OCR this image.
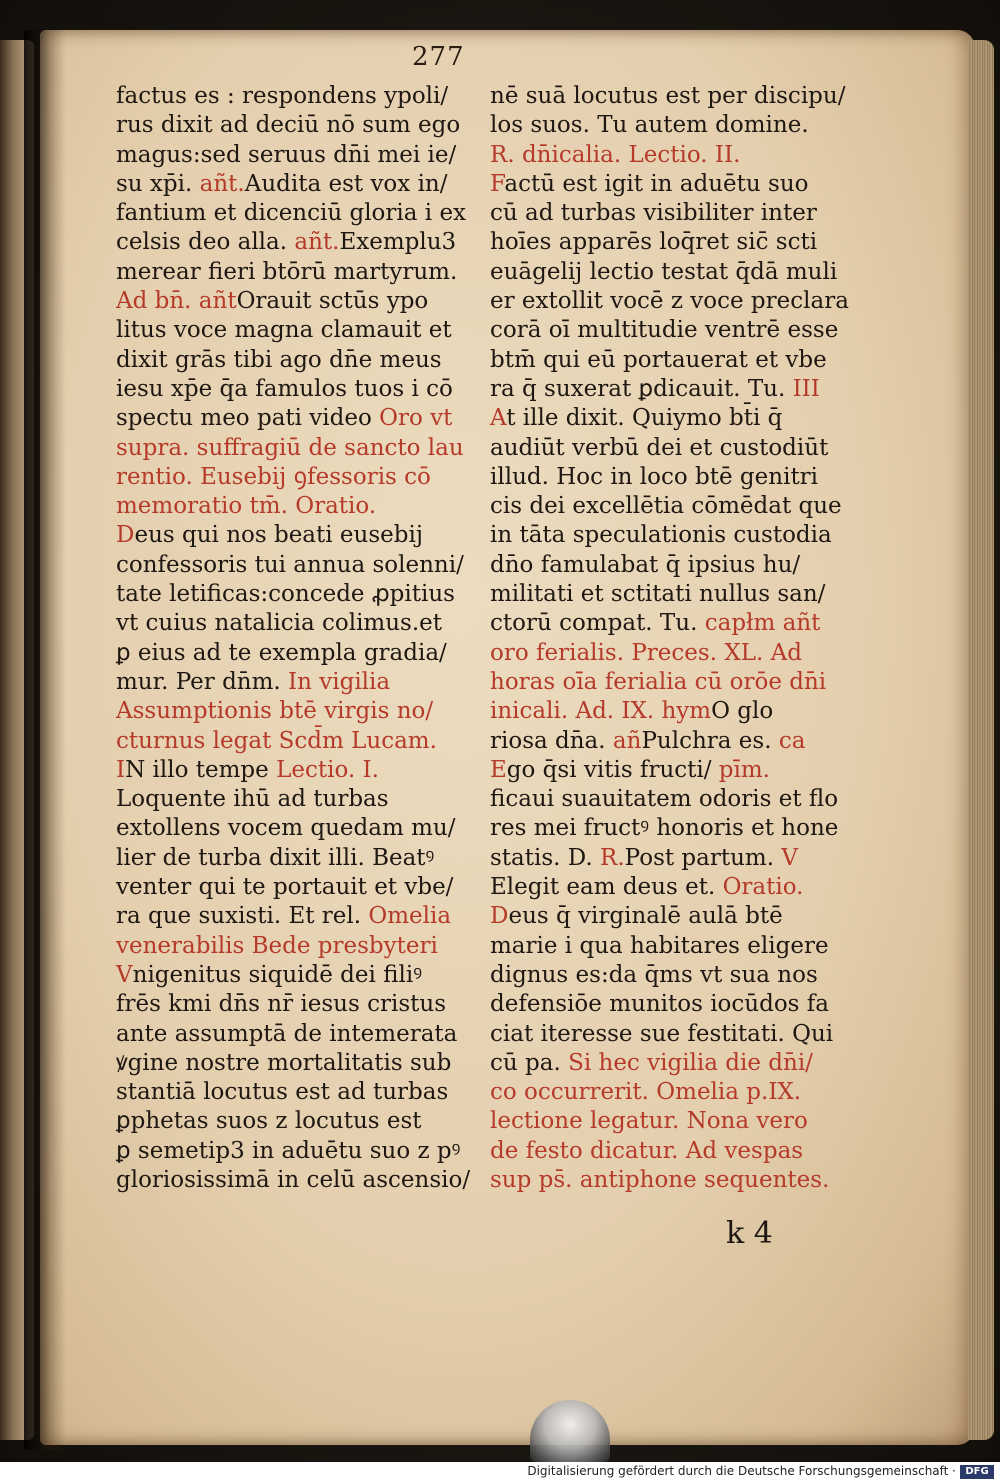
277
factus es : respondens ypoli/
rus dixit ad deciū nō sum ego
magus:sed seruus dn̄i mei ie/
su xp̄i. añt.Audita est vox in/
fantium et dicenciū gloria i ex
celsis deo alla. añt.Exemplu3
merear fieri btōrū martyrum.
Ad bn̄. añtOrauit sctūs ypo
litus voce magna clamauit et
dixit grās tibi ago dn̄e meus
iesu xp̄e q̄a famulos tuos i cō
spectu meo pati video Oro vt
supra. suffragiū de sancto lau
rentio. Eusebij ꝯfessoris cō
memoratio tm̄. Oratio.
Deus qui nos beati eusebij
confessoris tui annua solenni/
tate letificas:concede ꝓpitius
vt cuius natalicia colimus.et
ꝑ eius ad te exempla gradia/
mur. Per dn̄m. In vigilia
Assumptionis btē virgis no/
cturnus legat Scd̄m Lucam.
IN illo tempe Lectio. I.
Loquente ihū ad turbas
extollens vocem quedam mu/
lier de turba dixit illi. Beatꝰ
venter qui te portauit et vbe/
ra que suxisti. Et rel. Omelia
venerabilis Bede presbyteri
Vnigenitus siquidē dei filiꝰ
frēs kmi dn̄s nr̄ iesus cristus
ante assumptā de intemerata
ꝟgine nostre mortalitatis sub
stantiā locutus est ad turbas
ꝑphetas suos z locutus est
ꝑ semetip3 in aduētu suo z pꝰ
gloriosissimā in celū ascensio/
nē suā locutus est per discipu/
los suos. Tu autem domine.
R. dn̄icalia. Lectio. II.
Factū est igit in aduētu suo
cū ad turbas visibiliter inter
hoīes apparēs loq̄ret sic̄ scti
euāgelij lectio testat q̄dā muli
er extollit vocē z voce preclara
corā oī multitudie ventrē esse
btm̄ qui eū portauerat et vbe
ra q̄ suxerat ꝑdicauit. Tu. III
At ille dixit. Quiymo bt̄i q̄
audiūt verbū dei et custodiūt
illud. Hoc in loco btē genitri
cis dei excellētia cōmēdat que
in tāta speculationis custodia
dn̄o famulabat q̄ ipsius hu/
militati et sctitati nullus san/
ctorū compat. Tu. capłm añt
oro ferialis. Preces. XL. Ad
horas oīa ferialia cū orōe dn̄i
inicali. Ad. IX. hymO glo
riosa dn̄a. añPulchra es. ca
Ego q̄si vitis fructi/ pīm.
ficaui suauitatem odoris et flo
res mei fructꝰ honoris et hone
statis. D. R.Post partum. V
Elegit eam deus et. Oratio.
Deus q̄ virginalē aulā btē
marie i qua habitares eligere
dignus es:da q̄ms vt sua nos
defensiōe munitos iocūdos fa
ciat iteresse sue festitati. Qui
cū pa. Si hec vigilia die dn̄i/
co occurrerit. Omelia p.IX.
lectione legatur. Nona vero
de festo dicatur. Ad vespas
sup ps̄. antiphone sequentes.
k 4
Digitalisierung gefördert durch die Deutsche Forschungsgemeinschaft · DFG
